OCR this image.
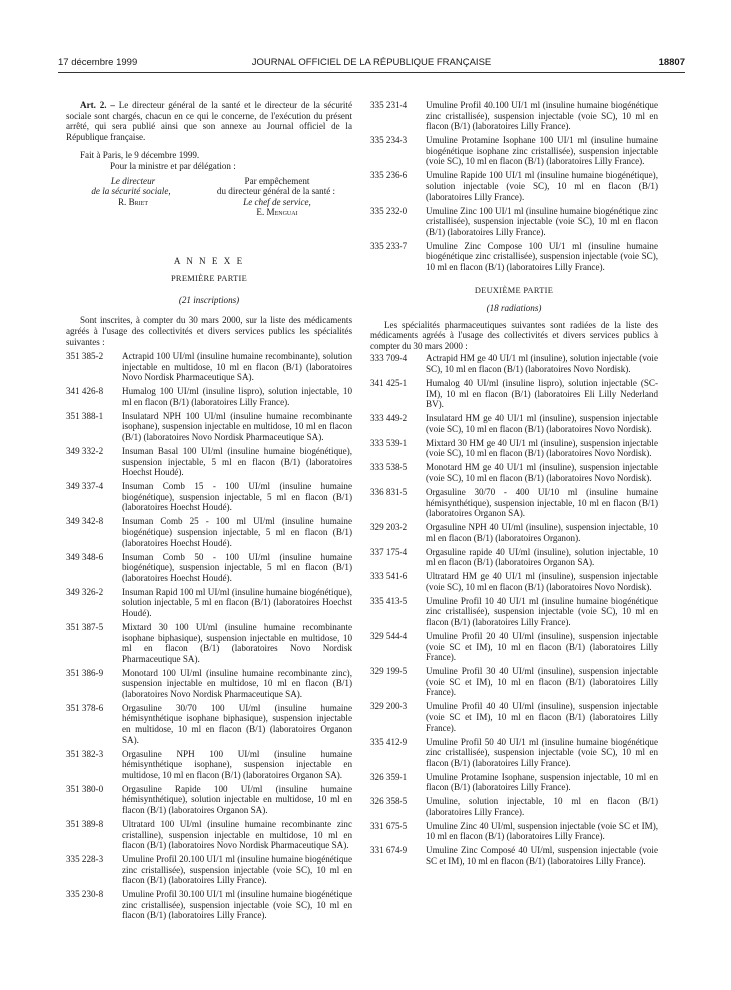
17 décembre 1999	JOURNAL OFFICIEL DE LA RÉPUBLIQUE FRANÇAISE	18807

Art. 2. – Le directeur général de la santé et le directeur de la sécurité sociale sont chargés, chacun en ce qui le concerne, de l'exécution du présent arrêté, qui sera publié ainsi que son annexe au Journal officiel de la République française.

Fait à Paris, le 9 décembre 1999.

Pour la ministre et par délégation :

Le directeur
de la sécurité sociale,
R. Briet
Par empêchement
du directeur général de la santé :
Le chef de service,
E. Menguai
A N N E X E
PREMIÈRE PARTIE
(21 inscriptions)

Sont inscrites, à compter du 30 mars 2000, sur la liste des médicaments agréés à l'usage des collectivités et divers services publics les spécialités suivantes :

351 385-2	Actrapid 100 UI/ml (insuline humaine recombinante), solution injectable en multidose, 10 ml en flacon (B/1) (laboratoires Novo Nordisk Pharmaceutique SA).
341 426-8	Humalog 100 UI/ml (insuline lispro), solution injectable, 10 ml en flacon (B/1) (laboratoires Lilly France).
351 388-1	Insulatard NPH 100 UI/ml (insuline humaine recombinante isophane), suspension injectable en multidose, 10 ml en flacon (B/1) (laboratoires Novo Nordisk Pharmaceutique SA).
349 332-2	Insuman Basal 100 UI/ml (insuline humaine biogénétique), suspension injectable, 5 ml en flacon (B/1) (laboratoires Hoechst Houdé).
349 337-4	Insuman Comb 15 - 100 UI/ml (insuline humaine biogénétique), suspension injectable, 5 ml en flacon (B/1) (laboratoires Hoechst Houdé).
349 342-8	Insuman Comb 25 - 100 ml UI/ml (insuline humaine biogénétique) suspension injectable, 5 ml en flacon (B/1) (laboratoires Hoechst Houdé).
349 348-6	Insuman Comb 50 - 100 UI/ml (insuline humaine biogénétique), suspension injectable, 5 ml en flacon (B/1) (laboratoires Hoechst Houdé).
349 326-2	Insuman Rapid 100 ml UI/ml (insuline humaine biogénétique), solution injectable, 5 ml en flacon (B/1) (laboratoires Hoechst Houdé).
351 387-5	Mixtard 30 100 UI/ml (insuline humaine recombinante isophane biphasique), suspension injectable en multidose, 10 ml en flacon (B/1) (laboratoires Novo Nordisk Pharmaceutique SA).
351 386-9	Monotard 100 UI/ml (insuline humaine recombinante zinc), suspension injectable en multidose, 10 ml en flacon (B/1) (laboratoires Novo Nordisk Pharmaceutique SA).
351 378-6	Orgasuline 30/70 100 UI/ml (insuline humaine hémisynthétique isophane biphasique), suspension injectable en multidose, 10 ml en flacon (B/1) (laboratoires Organon SA).
351 382-3	Orgasuline NPH 100 UI/ml (insuline humaine hémisynthétique isophane), suspension injectable en multidose, 10 ml en flacon (B/1) (laboratoires Organon SA).
351 380-0	Orgasuline Rapide 100 UI/ml (insuline humaine hémisynthétique), solution injectable en multidose, 10 ml en flacon (B/1) (laboratoires Organon SA).
351 389-8	Ultratard 100 UI/ml (insuline humaine recombinante zinc cristalline), suspension injectable en multidose, 10 ml en flacon (B/1) (laboratoires Novo Nordisk Pharmaceutique SA).
335 228-3	Umuline Profil 20.100 UI/1 ml (insuline humaine biogénétique zinc cristallisée), suspension injectable (voie SC), 10 ml en flacon (B/1) (laboratoires Lilly France).
335 230-8	Umuline Profil 30.100 UI/1 ml (insuline humaine biogénétique zinc cristallisée), suspension injectable (voie SC), 10 ml en flacon (B/1) (laboratoires Lilly France).
335 231-4	Umuline Profil 40.100 UI/1 ml (insuline humaine biogénétique zinc cristallisée), suspension injectable (voie SC), 10 ml en flacon (B/1) (laboratoires Lilly France).
335 234-3	Umuline Protamine Isophane 100 UI/1 ml (insuline humaine biogénétique isophane zinc cristallisée), suspension injectable (voie SC), 10 ml en flacon (B/1) (laboratoires Lilly France).
335 236-6	Umuline Rapide 100 UI/1 ml (insuline humaine biogénétique), solution injectable (voie SC), 10 ml en flacon (B/1) (laboratoires Lilly France).
335 232-0	Umuline Zinc 100 UI/1 ml (insuline humaine biogénétique zinc cristallisée), suspension injectable (voie SC), 10 ml en flacon (B/1) (laboratoires Lilly France).
335 233-7	Umuline Zinc Compose 100 UI/1 ml (insuline humaine biogénétique zinc cristallisée), suspension injectable (voie SC), 10 ml en flacon (B/1) (laboratoires Lilly France).
DEUXIÈME PARTIE
(18 radiations)

Les spécialités pharmaceutiques suivantes sont radiées de la liste des médicaments agréés à l'usage des collectivités et divers services publics à compter du 30 mars 2000 :

333 709-4	Actrapid HM ge 40 UI/1 ml (insuline), solution injectable (voie SC), 10 ml en flacon (B/1) (laboratoires Novo Nordisk).
341 425-1	Humalog 40 UI/ml (insuline lispro), solution injectable (SC-IM), 10 ml en flacon (B/1) (laboratoires Eli Lilly Nederland BV).
333 449-2	Insulatard HM ge 40 UI/1 ml (insuline), suspension injectable (voie SC), 10 ml en flacon (B/1) (laboratoires Novo Nordisk).
333 539-1	Mixtard 30 HM ge 40 UI/1 ml (insuline), suspension injectable (voie SC), 10 ml en flacon (B/1) (laboratoires Novo Nordisk).
333 538-5	Monotard HM ge 40 UI/1 ml (insuline), suspension injectable (voie SC), 10 ml en flacon (B/1) (laboratoires Novo Nordisk).
336 831-5	Orgasuline 30/70 - 400 UI/10 ml (insuline humaine hémisynthétique), suspension injectable, 10 ml en flacon (B/1) (laboratoires Organon SA).
329 203-2	Orgasuline NPH 40 UI/ml (insuline), suspension injectable, 10 ml en flacon (B/1) (laboratoires Organon).
337 175-4	Orgasuline rapide 40 UI/ml (insuline), solution injectable, 10 ml en flacon (B/1) (laboratoires Organon SA).
333 541-6	Ultratard HM ge 40 UI/1 ml (insuline), suspension injectable (voie SC), 10 ml en flacon (B/1) (laboratoires Novo Nordisk).
335 413-5	Umuline Profil 10 40 UI/1 ml (insuline humaine biogénétique zinc cristallisée), suspension injectable (voie SC), 10 ml en flacon (B/1) (laboratoires Lilly France).
329 544-4	Umuline Profil 20 40 UI/ml (insuline), suspension injectable (voie SC et IM), 10 ml en flacon (B/1) (laboratoires Lilly France).
329 199-5	Umuline Profil 30 40 UI/ml (insuline), suspension injectable (voie SC et IM), 10 ml en flacon (B/1) (laboratoires Lilly France).
329 200-3	Umuline Profil 40 40 UI/ml (insuline), suspension injectable (voie SC et IM), 10 ml en flacon (B/1) (laboratoires Lilly France).
335 412-9	Umuline Profil 50 40 UI/1 ml (insuline humaine biogénétique zinc cristallisée), suspension injectable (voie SC), 10 ml en flacon (B/1) (laboratoires Lilly France).
326 359-1	Umuline Protamine Isophane, suspension injectable, 10 ml en flacon (B/1) (laboratoires Lilly France).
326 358-5	Umuline, solution injectable, 10 ml en flacon (B/1) (laboratoires Lilly France).
331 675-5	Umuline Zinc 40 UI/ml, suspension injectable (voie SC et IM), 10 ml en flacon (B/1) (laboratoires Lilly France).
331 674-9	Umuline Zinc Composé 40 UI/ml, suspension injectable (voie SC et IM), 10 ml en flacon (B/1) (laboratoires Lilly France).
